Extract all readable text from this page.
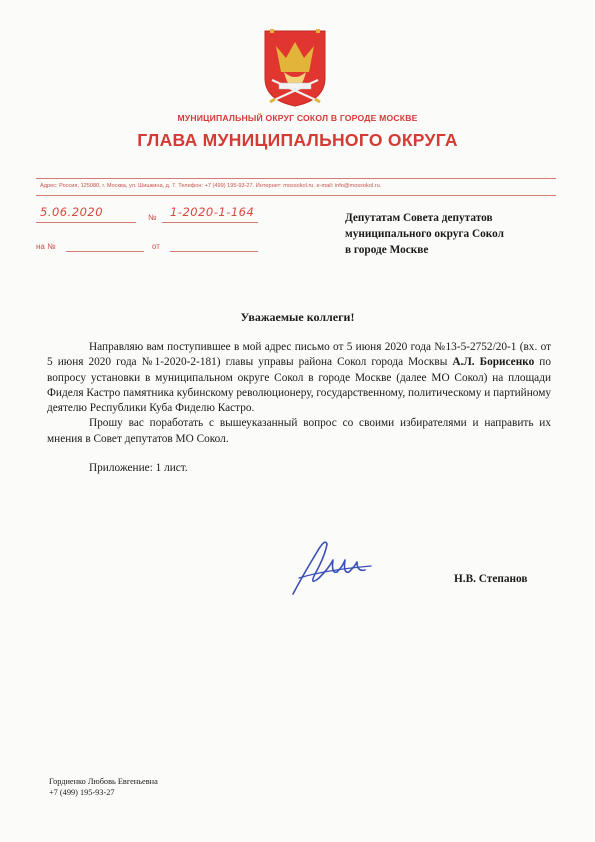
МУНИЦИПАЛЬНЫЙ ОКРУГ СОКОЛ В ГОРОДЕ МОСКВЕ
ГЛАВА МУНИЦИПАЛЬНОГО ОКРУГА
Адрес: Россия, 125080, г. Москва, ул. Шишкина, д. 7. Телефон: +7 (499) 195-93-27. Интернет: mossokol.ru. e-mail: info@mossokol.ru.
5.06.2020	№ 1-2020-1-164
на №	от
Депутатам Совета депутатов
муниципального округа Сокол
в городе Москве
Уважаемые коллеги!

Направляю вам поступившее в мой адрес письмо от 5 июня 2020 года №13-5-2752/20-1 (вх. от 5 июня 2020 года №1-2020-2-181) главы управы района Сокол города Москвы А.Л. Борисенко по вопросу установки в муниципальном округе Сокол в городе Москве (далее МО Сокол) на площади Фиделя Кастро памятника кубинскому революционеру, государственному, политическому и партийному деятелю Республики Куба Фиделю Кастро.

Прошу вас поработать с вышеуказанный вопрос со своими избирателями и направить их мнения в Совет депутатов МО Сокол.

Приложение: 1 лист.

Н.В. Степанов
Гордиенко Любовь Евгеньевна
+7 (499) 195-93-27
